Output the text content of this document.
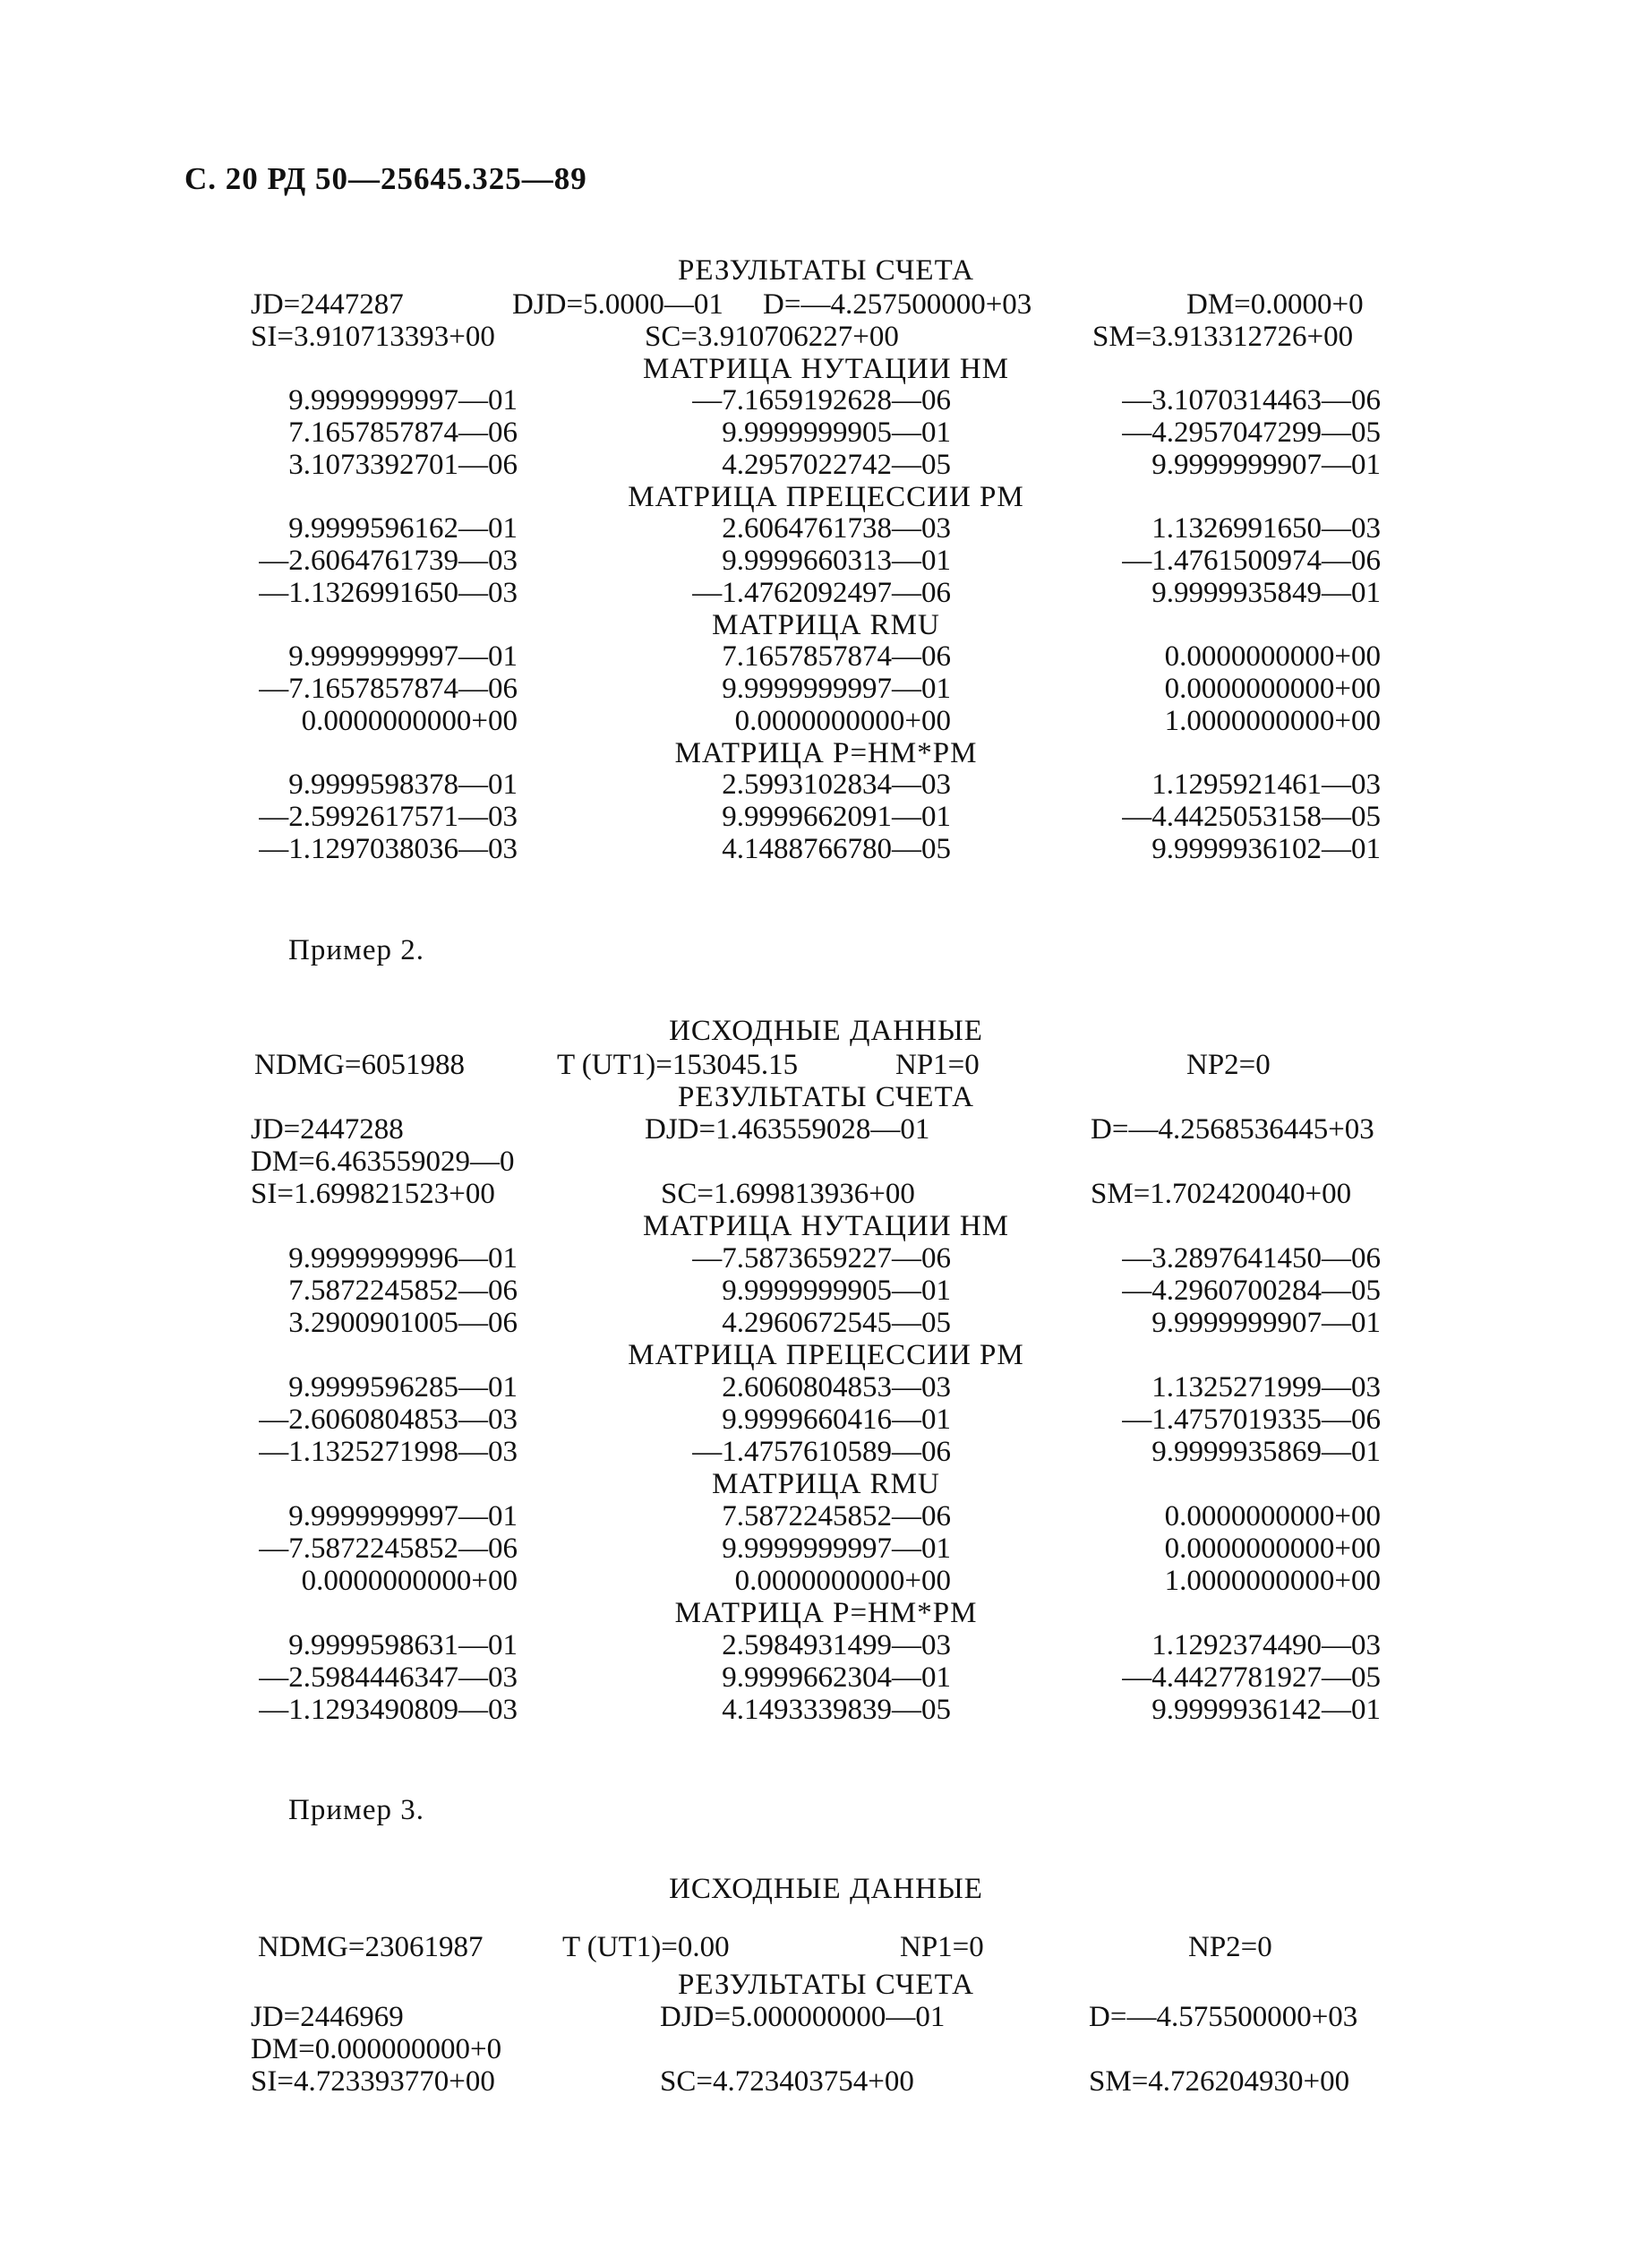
С. 20 РД 50—25645.325—89
РЕЗУЛЬТАТЫ СЧЕТА
JD=2447287	DJD=5.0000—01 D=—4.257500000+03	DM=0.0000+0
SI=3.910713393+00	SC=3.910706227+00	SM=3.913312726+00
МАТРИЦА НУТАЦИИ HM
9.9999999997—01	—7.1659192628—06	—3.1070314463—06
7.1657857874—06	9.9999999905—01	—4.2957047299—05
3.1073392701—06	4.2957022742—05	9.9999999907—01
МАТРИЦА ПРЕЦЕССИИ PM
9.9999596162—01	2.6064761738—03	1.1326991650—03
—2.6064761739—03	9.9999660313—01	—1.4761500974—06
—1.1326991650—03	—1.4762092497—06	9.9999935849—01
МАТРИЦА RMU
9.9999999997—01	7.1657857874—06	0.0000000000+00
—7.1657857874—06	9.9999999997—01	0.0000000000+00
0.0000000000+00	0.0000000000+00	1.0000000000+00
МАТРИЦА P=HM*PM
9.9999598378—01	2.5993102834—03	1.1295921461—03
—2.5992617571—03	9.9999662091—01	—4.4425053158—05
—1.1297038036—03	4.1488766780—05	9.9999936102—01
Пример 2.
ИСХОДНЫЕ ДАННЫЕ
NDMG=6051988	T (UT1)=153045.15	NP1=0	NP2=0
РЕЗУЛЬТАТЫ СЧЕТА
JD=2447288	DJD=1.463559028—01	D=—4.2568536445+03
DM=6.463559029—0
SI=1.699821523+00	SC=1.699813936+00	SM=1.702420040+00
МАТРИЦА НУТАЦИИ HM
9.9999999996—01	—7.5873659227—06	—3.2897641450—06
7.5872245852—06	9.9999999905—01	—4.2960700284—05
3.2900901005—06	4.2960672545—05	9.9999999907—01
МАТРИЦА ПРЕЦЕССИИ PM
9.9999596285—01	2.6060804853—03	1.1325271999—03
—2.6060804853—03	9.9999660416—01	—1.4757019335—06
—1.1325271998—03	—1.4757610589—06	9.9999935869—01
МАТРИЦА RMU
9.9999999997—01	7.5872245852—06	0.0000000000+00
—7.5872245852—06	9.9999999997—01	0.0000000000+00
0.0000000000+00	0.0000000000+00	1.0000000000+00
МАТРИЦА P=HM*PM
9.9999598631—01	2.5984931499—03	1.1292374490—03
—2.5984446347—03	9.9999662304—01	—4.4427781927—05
—1.1293490809—03	4.1493339839—05	9.9999936142—01
Пример 3.
ИСХОДНЫЕ ДАННЫЕ
NDMG=23061987	T (UT1)=0.00	NP1=0	NP2=0
РЕЗУЛЬТАТЫ СЧЕТА
JD=2446969	DJD=5.000000000—01	D=—4.575500000+03
DM=0.000000000+0
SI=4.723393770+00	SC=4.723403754+00	SM=4.726204930+00
